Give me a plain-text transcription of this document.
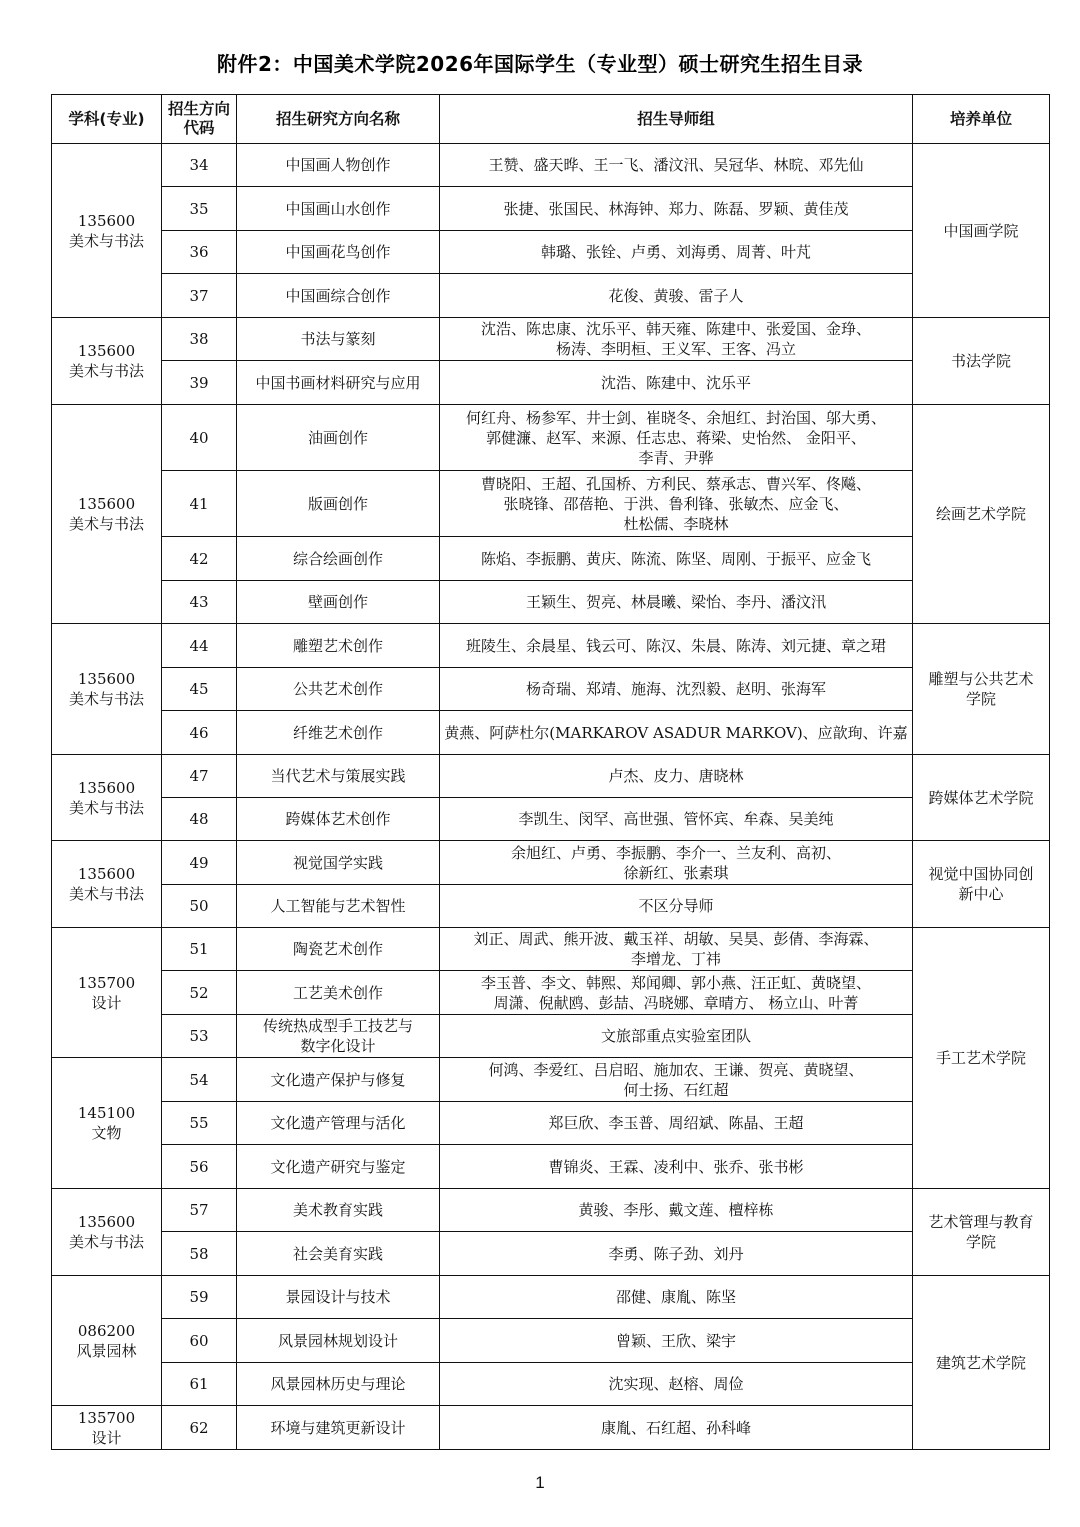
附件2：中国美术学院2026年国际学生（专业型）硕士研究生招生目录
学科(专业)	招生方向
代码	招生研究方向名称	招生导师组	培养单位
135600
美术与书法	34	中国画人物创作	王赞、盛天晔、王一飞、潘汶汛、吴冠华、林晥、邓先仙	中国画学院
	35	中国画山水创作	张捷、张国民、林海钟、郑力、陈磊、罗颖、黄佳茂	
	36	中国画花鸟创作	韩璐、张铨、卢勇、刘海勇、周菁、叶芃	
	37	中国画综合创作	花俊、黄骏、雷子人	
135600
美术与书法	38	书法与篆刻	沈浩、陈忠康、沈乐平、韩天雍、陈建中、张爱国、金琤、
杨涛、李明桓、王义军、王客、冯立	书法学院
	39	中国书画材料研究与应用	沈浩、陈建中、沈乐平	
135600
美术与书法	40	油画创作	何红舟、杨参军、井士剑、崔晓冬、余旭红、封治国、邬大勇、
郭健濂、赵军、来源、任志忠、蒋梁、史怡然、 金阳平、
李青、尹骅	绘画艺术学院
	41	版画创作	曹晓阳、王超、孔国桥、方利民、蔡承志、曹兴军、佟飚、
张晓锋、邵蓓艳、于洪、鲁利锋、张敏杰、应金飞、
杜松儒、李晓林	
	42	综合绘画创作	陈焰、李振鹏、黄庆、陈流、陈坚、周刚、于振平、应金飞	
	43	壁画创作	王颖生、贺亮、林晨曦、梁怡、李丹、潘汶汛	
135600
美术与书法	44	雕塑艺术创作	班陵生、余晨星、钱云可、陈汉、朱晨、陈涛、刘元捷、章之珺	雕塑与公共艺术
学院
	45	公共艺术创作	杨奇瑞、郑靖、施海、沈烈毅、赵明、张海军	
	46	纤维艺术创作	黄燕、阿萨杜尔(MARKAROV ASADUR MARKOV)、应歆珣、许嘉	
135600
美术与书法	47	当代艺术与策展实践	卢杰、皮力、唐晓林	跨媒体艺术学院
	48	跨媒体艺术创作	李凯生、闵罕、高世强、管怀宾、牟森、吴美纯	
135600
美术与书法	49	视觉国学实践	余旭红、卢勇、李振鹏、李介一、兰友利、高初、
徐新红、张素琪	视觉中国协同创
新中心
	50	人工智能与艺术智性	不区分导师	
135700
设计	51	陶瓷艺术创作	刘正、周武、熊开波、戴玉祥、胡敏、吴昊、彭倩、李海霖、
李增龙、丁祎	手工艺术学院
	52	工艺美术创作	李玉普、李文、韩熙、郑闻卿、郭小燕、汪正虹、黄晓望、
周潇、倪献鸥、彭喆、冯晓娜、章晴方、 杨立山、叶菁	
	53	传统热成型手工技艺与
数字化设计	文旅部重点实验室团队	
145100
文物	54	文化遗产保护与修复	何鸿、李爱红、吕启昭、施加农、王谦、贺亮、黄晓望、
何士扬、石红超	
	55	文化遗产管理与活化	郑巨欣、李玉普、周绍斌、陈晶、王超	
	56	文化遗产研究与鉴定	曹锦炎、王霖、凌利中、张乔、张书彬	
135600
美术与书法	57	美术教育实践	黄骏、李彤、戴文莲、檀梓栋	艺术管理与教育
学院
	58	社会美育实践	李勇、陈子劲、刘丹	
086200
风景园林	59	景园设计与技术	邵健、康胤、陈坚	建筑艺术学院
	60	风景园林规划设计	曾颖、王欣、梁宇	
	61	风景园林历史与理论	沈实现、赵榕、周俭	
135700
设计	62	环境与建筑更新设计	康胤、石红超、孙科峰	
1
